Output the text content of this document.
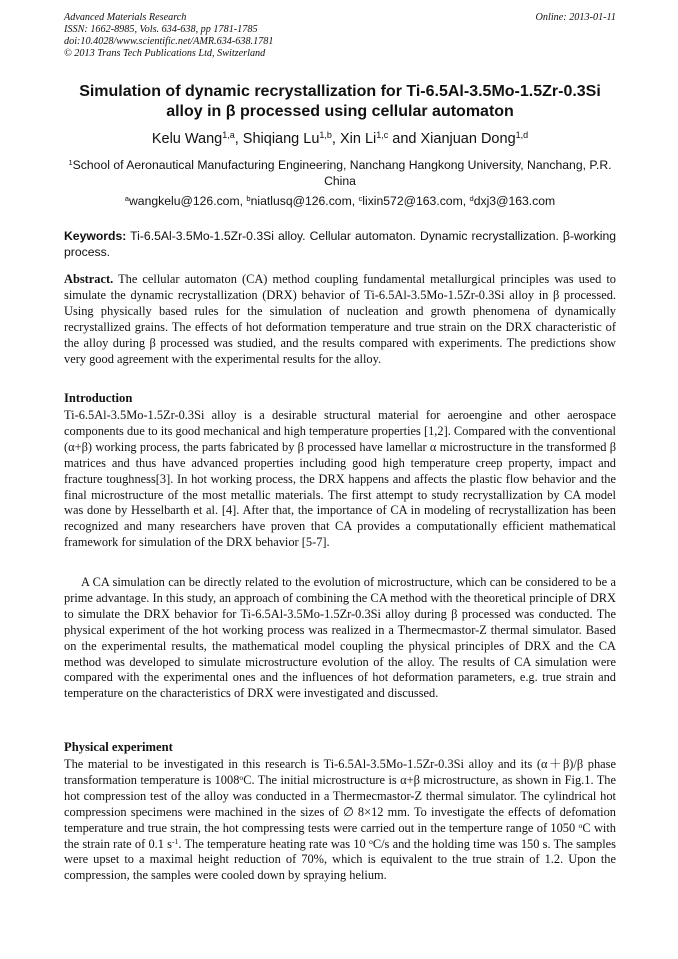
Advanced Materials Research
ISSN: 1662-8985, Vols. 634-638, pp 1781-1785
doi:10.4028/www.scientific.net/AMR.634-638.1781
© 2013 Trans Tech Publications Ltd, Switzerland
Online: 2013-01-11
Simulation of dynamic recrystallization for Ti-6.5Al-3.5Mo-1.5Zr-0.3Si
alloy in β processed using cellular automaton
Kelu Wang$^{1,a}$, Shiqiang Lu$^{1,b}$, Xin Li$^{1,c}$ and Xianjuan Dong$^{1,d}$
$^1$School of Aeronautical Manufacturing Engineering, Nanchang Hangkong University, Nanchang, P.R. China
$^a$wangkelu@126.com, $^b$niatlusq@126.com, $^c$lixin572@163.com, $^d$dxj3@163.com
Keywords: Ti-6.5Al-3.5Mo-1.5Zr-0.3Si alloy. Cellular automaton. Dynamic recrystallization. β-working process.
Abstract. The cellular automaton (CA) method coupling fundamental metallurgical principles was used to simulate the dynamic recrystallization (DRX) behavior of Ti-6.5Al-3.5Mo-1.5Zr-0.3Si alloy in β processed. Using physically based rules for the simulation of nucleation and growth phenomena of dynamically recrystallized grains. The effects of hot deformation temperature and true strain on the DRX characteristic of the alloy during β processed was studied, and the results compared with experiments. The predictions show very good agreement with the experimental results for the alloy.
Introduction
Ti-6.5Al-3.5Mo-1.5Zr-0.3Si alloy is a desirable structural material for aeroengine and other aerospace components due to its good mechanical and high temperature properties [1,2]. Compared with the conventional (α+β) working process, the parts fabricated by β processed have lamellar α microstructure in the transformed β matrices and thus have advanced properties including good high temperature creep property, impact and fracture toughness[3]. In hot working process, the DRX happens and affects the plastic flow behavior and the final microstructure of the most metallic materials. The first attempt to study recrystallization by CA model was done by Hesselbarth et al. [4]. After that, the importance of CA in modeling of recrystallization has been recognized and many researchers have proven that CA provides a computationally efficient mathematical framework for simulation of the DRX behavior [5-7].
A CA simulation can be directly related to the evolution of microstructure, which can be considered to be a prime advantage. In this study, an approach of combining the CA method with the theoretical principle of DRX to simulate the DRX behavior for Ti-6.5Al-3.5Mo-1.5Zr-0.3Si alloy during β processed was conducted. The physical experiment of the hot working process was realized in a Thermecmastor-Z thermal simulator. Based on the experimental results, the mathematical model coupling the physical principles of DRX and the CA method was developed to simulate microstructure evolution of the alloy. The results of CA simulation were compared with the experimental ones and the influences of hot deformation parameters, e.g. true strain and temperature on the characteristics of DRX were investigated and discussed.
Physical experiment
The material to be investigated in this research is Ti-6.5Al-3.5Mo-1.5Zr-0.3Si alloy and its (α＋β)/β phase transformation temperature is 1008$^o$C. The initial microstructure is α+β microstructure, as shown in Fig.1. The hot compression test of the alloy was conducted in a Thermecmastor-Z thermal simulator. The cylindrical hot compression specimens were machined in the sizes of ∅ 8×12 mm. To investigate the effects of defomation temperature and true strain, the hot compressing tests were carried out in the temperture range of 1050 $^o$C with the strain rate of 0.1 $s^{-1}$. The temperature heating rate was 10 $^o$C/s and the holding time was 150 s. The samples were upset to a maximal height reduction of 70%, which is equivalent to the true strain of 1.2. Upon the compression, the samples were cooled down by spraying helium.
